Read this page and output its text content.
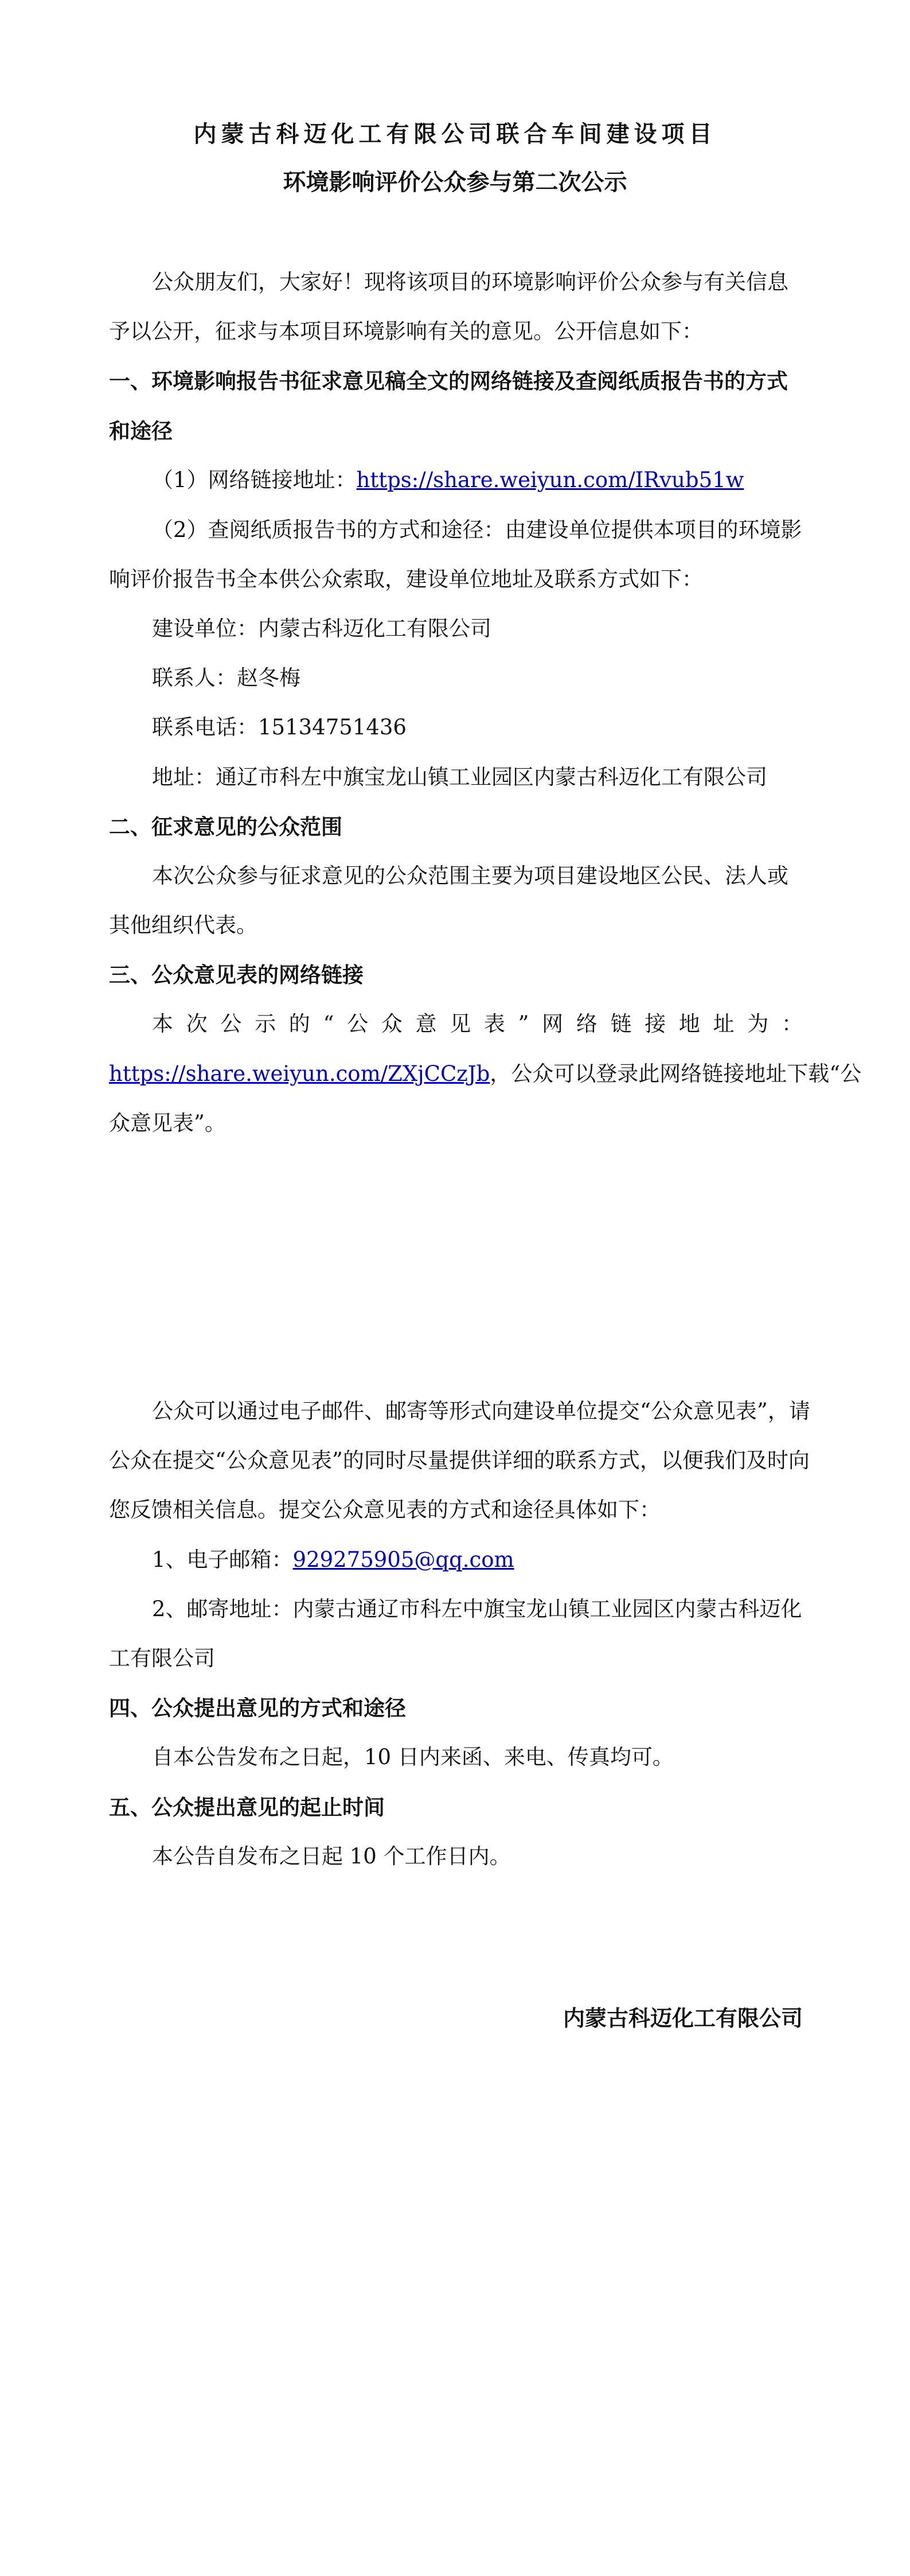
内蒙古科迈化工有限公司联合车间建设项目
环境影响评价公众参与第二次公示
公众朋友们，大家好！现将该项目的环境影响评价公众参与有关信息
予以公开，征求与本项目环境影响有关的意见。公开信息如下：
一、环境影响报告书征求意见稿全文的网络链接及查阅纸质报告书的方式
和途径
（1）网络链接地址：https://share.weiyun.com/IRvub51w
（2）查阅纸质报告书的方式和途径：由建设单位提供本项目的环境影
响评价报告书全本供公众索取，建设单位地址及联系方式如下：
建设单位：内蒙古科迈化工有限公司
联系人：赵冬梅
联系电话：15134751436
地址：通辽市科左中旗宝龙山镇工业园区内蒙古科迈化工有限公司
二、征求意见的公众范围
本次公众参与征求意见的公众范围主要为项目建设地区公民、法人或
其他组织代表。
三、公众意见表的网络链接
本次公示的“公众意见表”网络链接地址为：
https://share.weiyun.com/ZXjCCzJb，公众可以登录此网络链接地址下载“公
众意见表”。
公众可以通过电子邮件、邮寄等形式向建设单位提交“公众意见表”，请
公众在提交“公众意见表”的同时尽量提供详细的联系方式，以便我们及时向
您反馈相关信息。提交公众意见表的方式和途径具体如下：
1、电子邮箱：929275905@qq.com
2、邮寄地址：内蒙古通辽市科左中旗宝龙山镇工业园区内蒙古科迈化
工有限公司
四、公众提出意见的方式和途径
自本公告发布之日起，10 日内来函、来电、传真均可。
五、公众提出意见的起止时间
本公告自发布之日起 10 个工作日内。
内蒙古科迈化工有限公司
